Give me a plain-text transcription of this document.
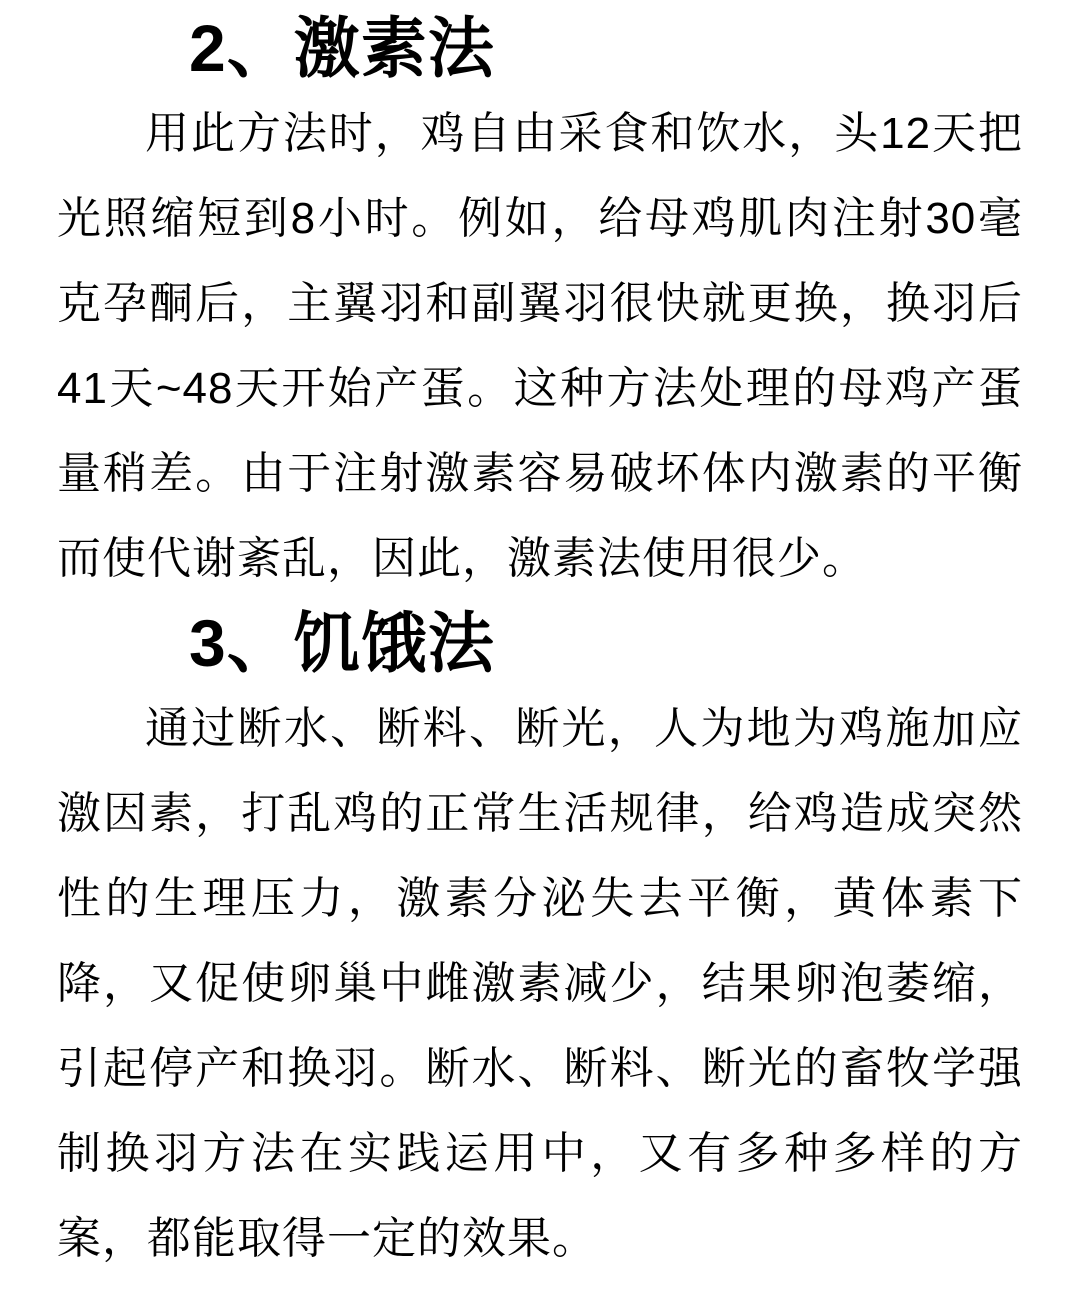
2、激素法

用此方法时，鸡自由采食和饮水，头12天把光照缩短到8小时。例如，给母鸡肌肉注射30毫克孕酮后，主翼羽和副翼羽很快就更换，换羽后41天~48天开始产蛋。这种方法处理的母鸡产蛋量稍差。由于注射激素容易破坏体内激素的平衡而使代谢紊乱，因此，激素法使用很少。

3、饥饿法

通过断水、断料、断光，人为地为鸡施加应激因素，打乱鸡的正常生活规律，给鸡造成突然性的生理压力，激素分泌失去平衡，黄体素下降，又促使卵巢中雌激素减少，结果卵泡萎缩，引起停产和换羽。断水、断料、断光的畜牧学强制换羽方法在实践运用中，又有多种多样的方案，都能取得一定的效果。
